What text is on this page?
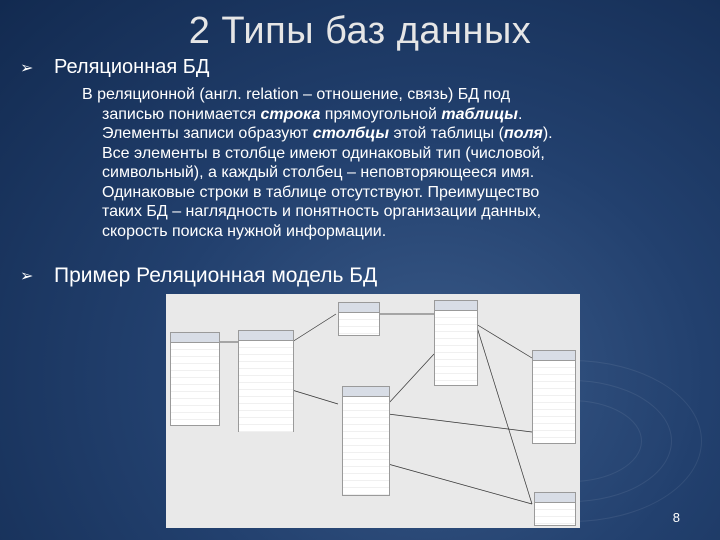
2 Типы баз данных
➢ Реляционная БД
В реляционной (англ. relation – отношение, связь) БД под
записью понимается строка прямоугольной таблицы.
Элементы записи образуют столбцы этой таблицы (поля).
Все элементы в столбце имеют одинаковый тип (числовой,
символьный), а каждый столбец – неповторяющееся имя.
Одинаковые строки в таблице отсутствуют. Преимущество
таких БД – наглядность и понятность организации данных,
скорость поиска нужной информации.
➢ Пример Реляционная модель БД
8
